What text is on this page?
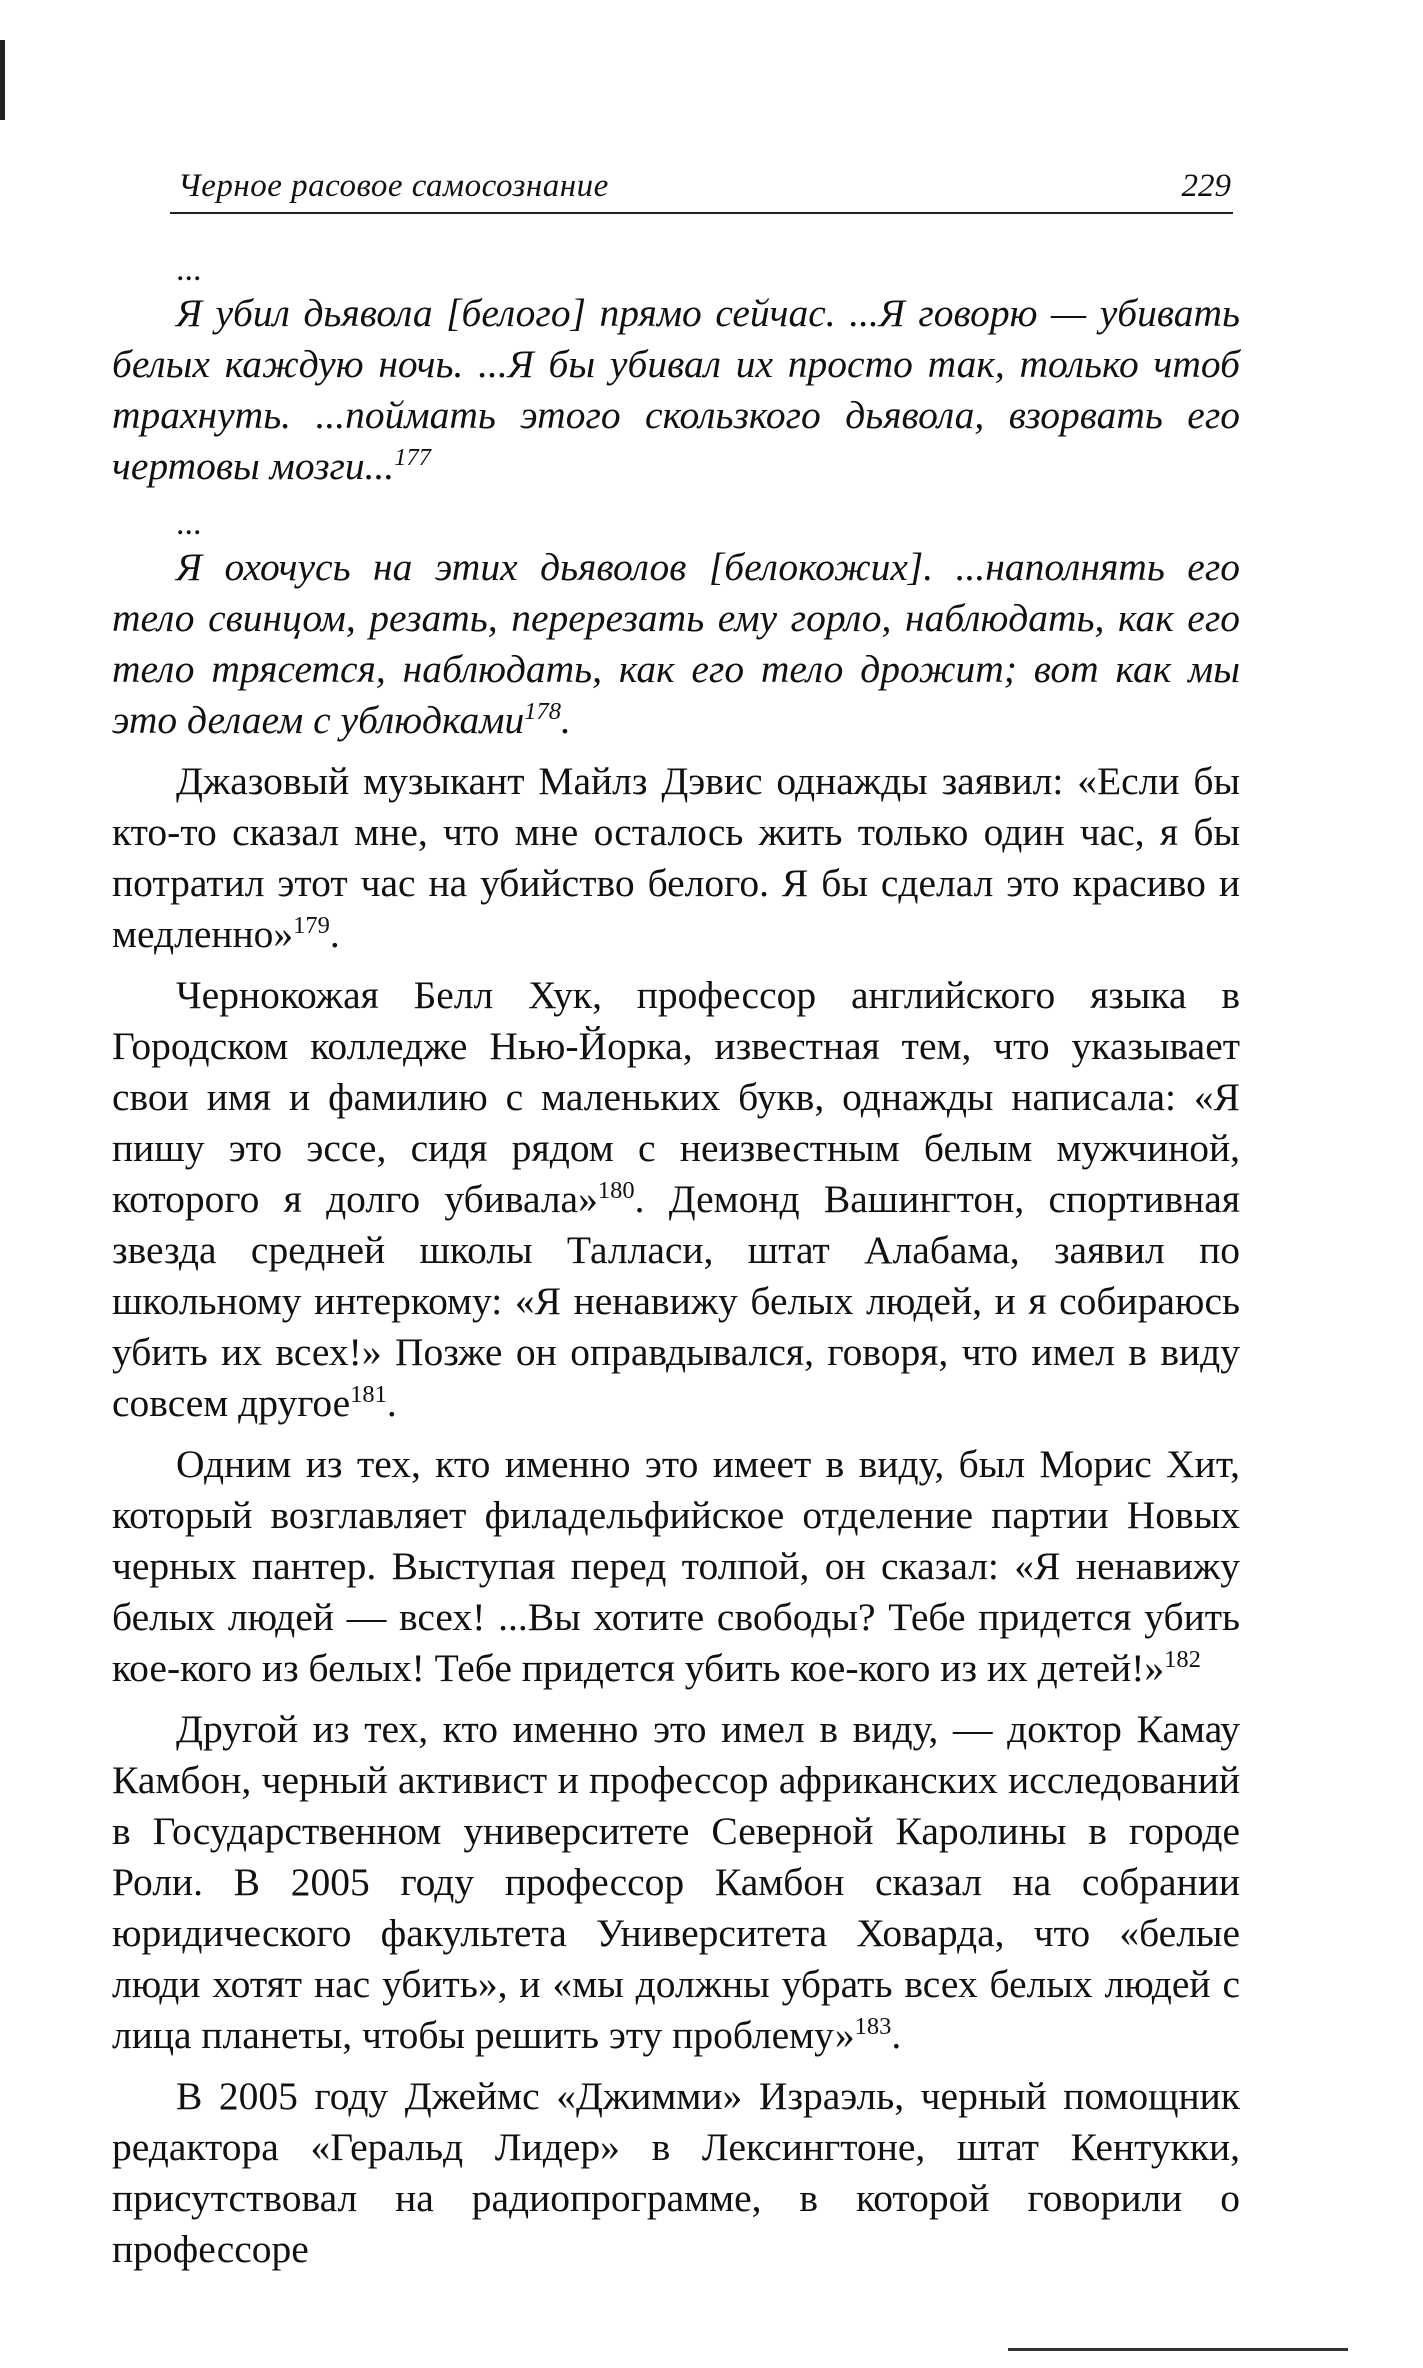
Черное расовое самосознание	229

...

Я убил дьявола [белого] прямо сейчас. ...Я говорю — убивать белых каждую ночь. ...Я бы убивал их просто так, только чтоб трахнуть. ...поймать этого скользкого дьявола, взорвать его чертовы мозги...$^{177}$

...

Я охочусь на этих дьяволов [белокожих]. ...наполнять его тело свинцом, резать, перерезать ему горло, наблюдать, как его тело трясется, наблюдать, как его тело дрожит; вот как мы это делаем с ублюдками$^{178}$.

Джазовый музыкант Майлз Дэвис однажды заявил: «Если бы кто-то сказал мне, что мне осталось жить только один час, я бы потратил этот час на убийство белого. Я бы сделал это красиво и медленно»$^{179}$.

Чернокожая Белл Хук, профессор английского языка в Городском колледже Нью-Йорка, известная тем, что указывает свои имя и фамилию с маленьких букв, однажды написала: «Я пишу это эссе, сидя рядом с неизвестным белым мужчиной, которого я долго убивала»$^{180}$. Демонд Вашингтон, спортивная звезда средней школы Талласи, штат Алабама, заявил по школьному интеркому: «Я ненавижу белых людей, и я собираюсь убить их всех!» Позже он оправдывался, говоря, что имел в виду совсем другое$^{181}$.

Одним из тех, кто именно это имеет в виду, был Морис Хит, который возглавляет филадельфийское отделение партии Новых черных пантер. Выступая перед толпой, он сказал: «Я ненавижу белых людей — всех! ...Вы хотите свободы? Тебе придется убить кое-кого из белых! Тебе придется убить кое-кого из их детей!»$^{182}$

Другой из тех, кто именно это имел в виду, — доктор Камау Камбон, черный активист и профессор африканских исследований в Государственном университете Северной Каролины в городе Роли. В 2005 году профессор Камбон сказал на собрании юридического факультета Университета Ховарда, что «белые люди хотят нас убить», и «мы должны убрать всех белых людей с лица планеты, чтобы решить эту проблему»$^{183}$.

В 2005 году Джеймс «Джимми» Израэль, черный помощник редактора «Геральд Лидер» в Лексингтоне, штат Кентукки, присутствовал на радиопрограмме, в которой говорили о профессоре
